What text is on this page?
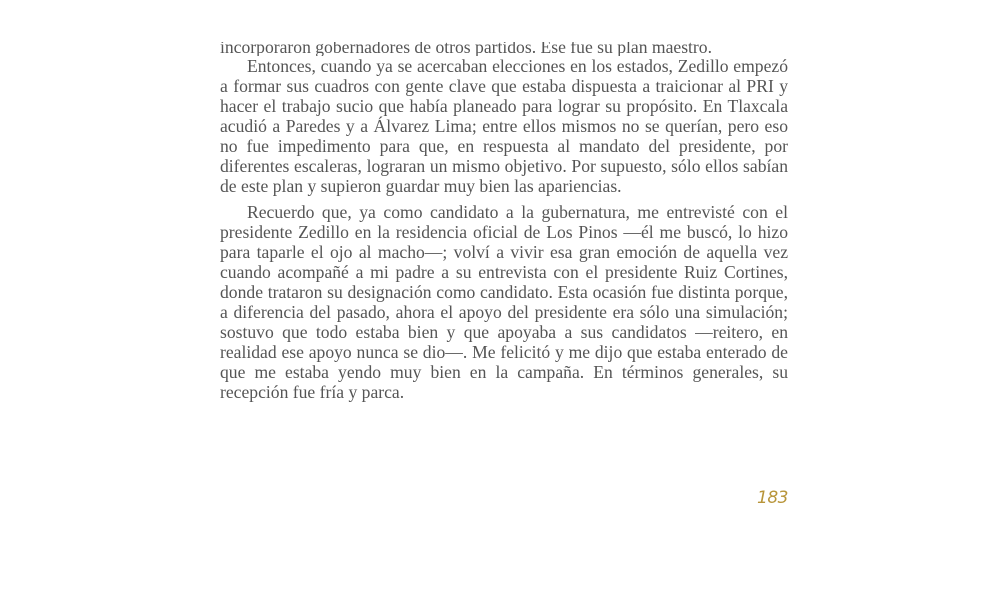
incorporaron gobernadores de otros partidos. Ese fue su plan maestro.

Entonces, cuando ya se acercaban elecciones en los estados, Zedillo empezó a formar sus cuadros con gente clave que estaba dispuesta a traicionar al PRI y hacer el trabajo sucio que había planeado para lograr su propósito. En Tlaxcala acudió a Paredes y a Álvarez Lima; entre ellos mismos no se querían, pero eso no fue impedimento para que, en respuesta al mandato del presidente, por diferentes escaleras, lograran un mismo objetivo. Por supuesto, sólo ellos sabían de este plan y supieron guardar muy bien las apariencias.

Recuerdo que, ya como candidato a la gubernatura, me entrevisté con el presidente Zedillo en la residencia oficial de Los Pinos —él me buscó, lo hizo para taparle el ojo al macho—; volví a vivir esa gran emoción de aquella vez cuando acompañé a mi padre a su entrevista con el presidente Ruiz Cortines, donde trataron su designación como candidato. Esta ocasión fue distinta porque, a diferencia del pasado, ahora el apoyo del presidente era sólo una simulación; sostuvo que todo estaba bien y que apoyaba a sus candidatos —reitero, en realidad ese apoyo nunca se dio—. Me felicitó y me dijo que estaba enterado de que me estaba yendo muy bien en la campaña. En términos generales, su recepción fue fría y parca.

183
